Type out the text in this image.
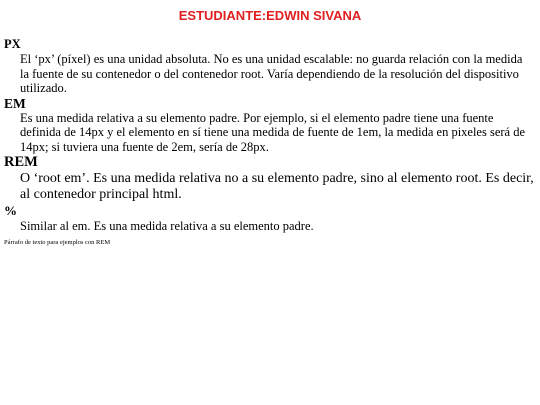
ESTUDIANTE:EDWIN SIVANA
PX
El ‘px’ (píxel) es una unidad absoluta. No es una unidad escalable: no guarda relación con la medida la fuente de su contenedor o del contenedor root. Varía dependiendo de la resolución del dispositivo utilizado.
EM
Es una medida relativa a su elemento padre. Por ejemplo, si el elemento padre tiene una fuente definida de 14px y el elemento en sí tiene una medida de fuente de 1em, la medida en pixeles será de 14px; si tuviera una fuente de 2em, sería de 28px.
REM
O ‘root em’. Es una medida relativa no a su elemento padre, sino al elemento root. Es decir, al contenedor principal html.
%
Similar al em. Es una medida relativa a su elemento padre.

Párrafo de texto para ejemplos con REM
